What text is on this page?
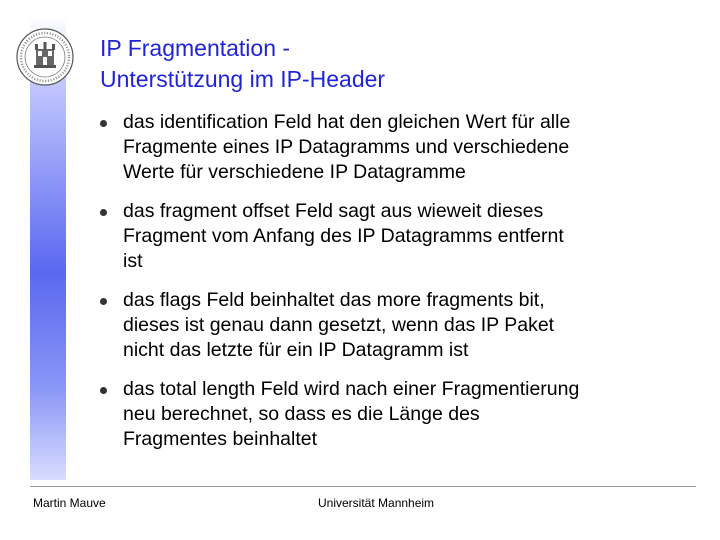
IP Fragmentation -
Unterstützung im IP-Header
das identification Feld hat den gleichen Wert für alle
Fragmente eines IP Datagramms und verschiedene
Werte für verschiedene IP Datagramme
das fragment offset Feld sagt aus wieweit dieses
Fragment vom Anfang des IP Datagramms entfernt
ist
das flags Feld beinhaltet das more fragments bit,
dieses ist genau dann gesetzt, wenn das IP Paket
nicht das letzte für ein IP Datagramm ist
das total length Feld wird nach einer Fragmentierung
neu berechnet, so dass es die Länge des
Fragmentes beinhaltet
Martin Mauve	Universität Mannheim
